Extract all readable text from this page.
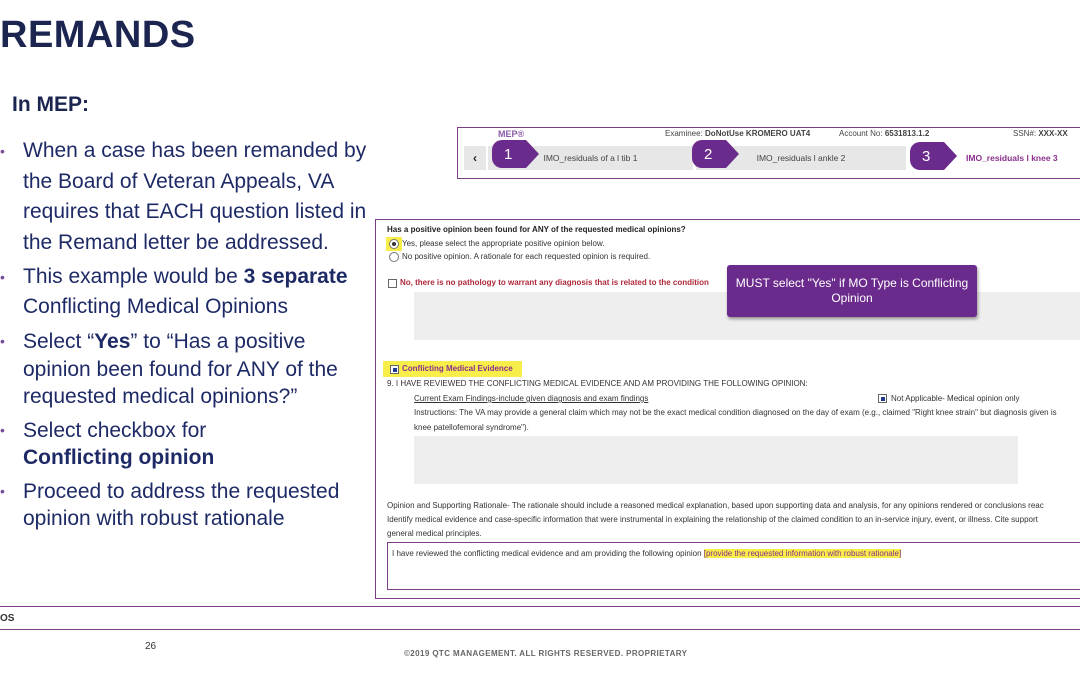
REMANDS
In MEP:
• When a case has been remanded by the Board of Veteran Appeals, VA requires that EACH question listed in the Remand letter be addressed.
• This example would be 3 separate Conflicting Medical Opinions
• Select “Yes” to “Has a positive opinion been found for ANY of the requested medical opinions?”
• Select checkbox for
Conflicting opinion
• Proceed to address the requested opinion with robust rationale
MEP®	Examinee: DoNotUse KROMERO UAT4	Account No: 6531813.1.2	SSN#: XXX-XX
‹	IMO_residuals of a l tib 1	IMO_residuals l ankle 2	IMO_residuals l knee 3
1	2	3
Has a positive opinion been found for ANY of the requested medical opinions?
Yes, please select the appropriate positive opinion below.
No positive opinion. A rationale for each requested opinion is required.
No, there is no pathology to warrant any diagnosis that is related to the condition	MUST select "Yes" if MO Type is Conflicting Opinion
Conflicting Medical Evidence
9. I HAVE REVIEWED THE CONFLICTING MEDICAL EVIDENCE AND AM PROVIDING THE FOLLOWING OPINION:
Current Exam Findings-include given diagnosis and exam findings	Not Applicable- Medical opinion only
Instructions: The VA may provide a general claim which may not be the exact medical condition diagnosed on the day of exam (e.g., claimed "Right knee strain" but diagnosis given is
knee patellofemoral syndrome").
Opinion and Supporting Rationale- The rationale should include a reasoned medical explanation, based upon supporting data and analysis, for any opinions rendered or conclusions reac
Identify medical evidence and case-specific information that were instrumental in explaining the relationship of the claimed condition to an in-service injury, event, or illness. Cite support
general medical principles.
I have reviewed the conflicting medical evidence and am providing the following opinion [provide the requested information with robust rationale]
OS
26
©2019 QTC MANAGEMENT. ALL RIGHTS RESERVED. PROPRIETARY
